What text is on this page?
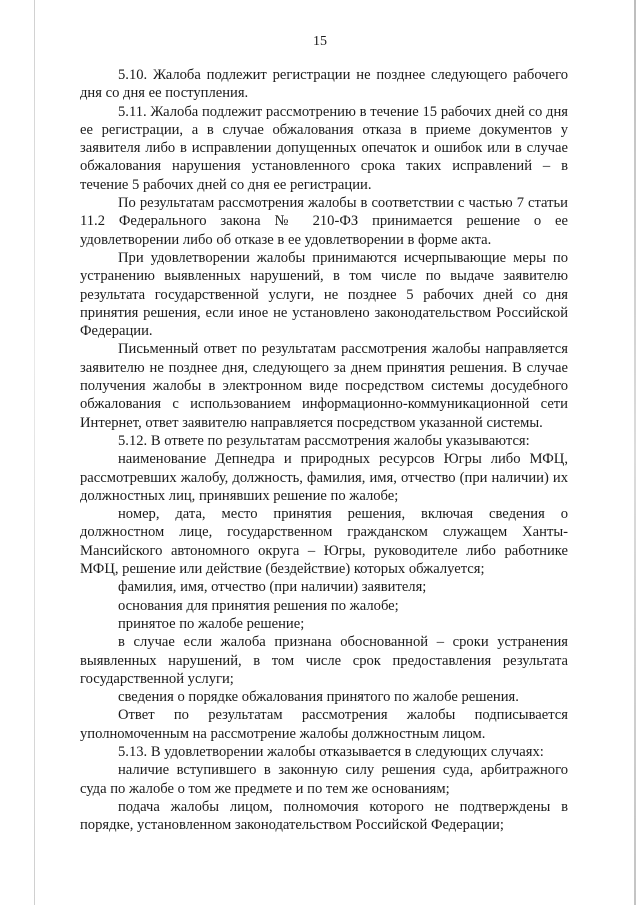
15

5.10. Жалоба подлежит регистрации не позднее следующего рабочего дня со дня ее поступления.

5.11. Жалоба подлежит рассмотрению в течение 15 рабочих дней со дня ее регистрации, а в случае обжалования отказа в приеме документов у заявителя либо в исправлении допущенных опечаток и ошибок или в случае обжалования нарушения установленного срока таких исправлений – в течение 5 рабочих дней со дня ее регистрации.

По результатам рассмотрения жалобы в соответствии с частью 7 статьи 11.2 Федерального закона № 210-ФЗ принимается решение о ее удовлетворении либо об отказе в ее удовлетворении в форме акта.

При удовлетворении жалобы принимаются исчерпывающие меры по устранению выявленных нарушений, в том числе по выдаче заявителю результата государственной услуги, не позднее 5 рабочих дней со дня принятия решения, если иное не установлено законодательством Российской Федерации.

Письменный ответ по результатам рассмотрения жалобы направляется заявителю не позднее дня, следующего за днем принятия решения. В случае получения жалобы в электронном виде посредством системы досудебного обжалования с использованием информационно-коммуникационной сети Интернет, ответ заявителю направляется посредством указанной системы.

5.12. В ответе по результатам рассмотрения жалобы указываются:

наименование Депнедра и природных ресурсов Югры либо МФЦ, рассмотревших жалобу, должность, фамилия, имя, отчество (при наличии) их должностных лиц, принявших решение по жалобе;

номер, дата, место принятия решения, включая сведения о должностном лице, государственном гражданском служащем Ханты-Мансийского автономного округа – Югры, руководителе либо работнике МФЦ, решение или действие (бездействие) которых обжалуется;

фамилия, имя, отчество (при наличии) заявителя;

основания для принятия решения по жалобе;

принятое по жалобе решение;

в случае если жалоба признана обоснованной – сроки устранения выявленных нарушений, в том числе срок предоставления результата государственной услуги;

сведения о порядке обжалования принятого по жалобе решения.

Ответ по результатам рассмотрения жалобы подписывается уполномоченным на рассмотрение жалобы должностным лицом.

5.13. В удовлетворении жалобы отказывается в следующих случаях:

наличие вступившего в законную силу решения суда, арбитражного суда по жалобе о том же предмете и по тем же основаниям;

подача жалобы лицом, полномочия которого не подтверждены в порядке, установленном законодательством Российской Федерации;
